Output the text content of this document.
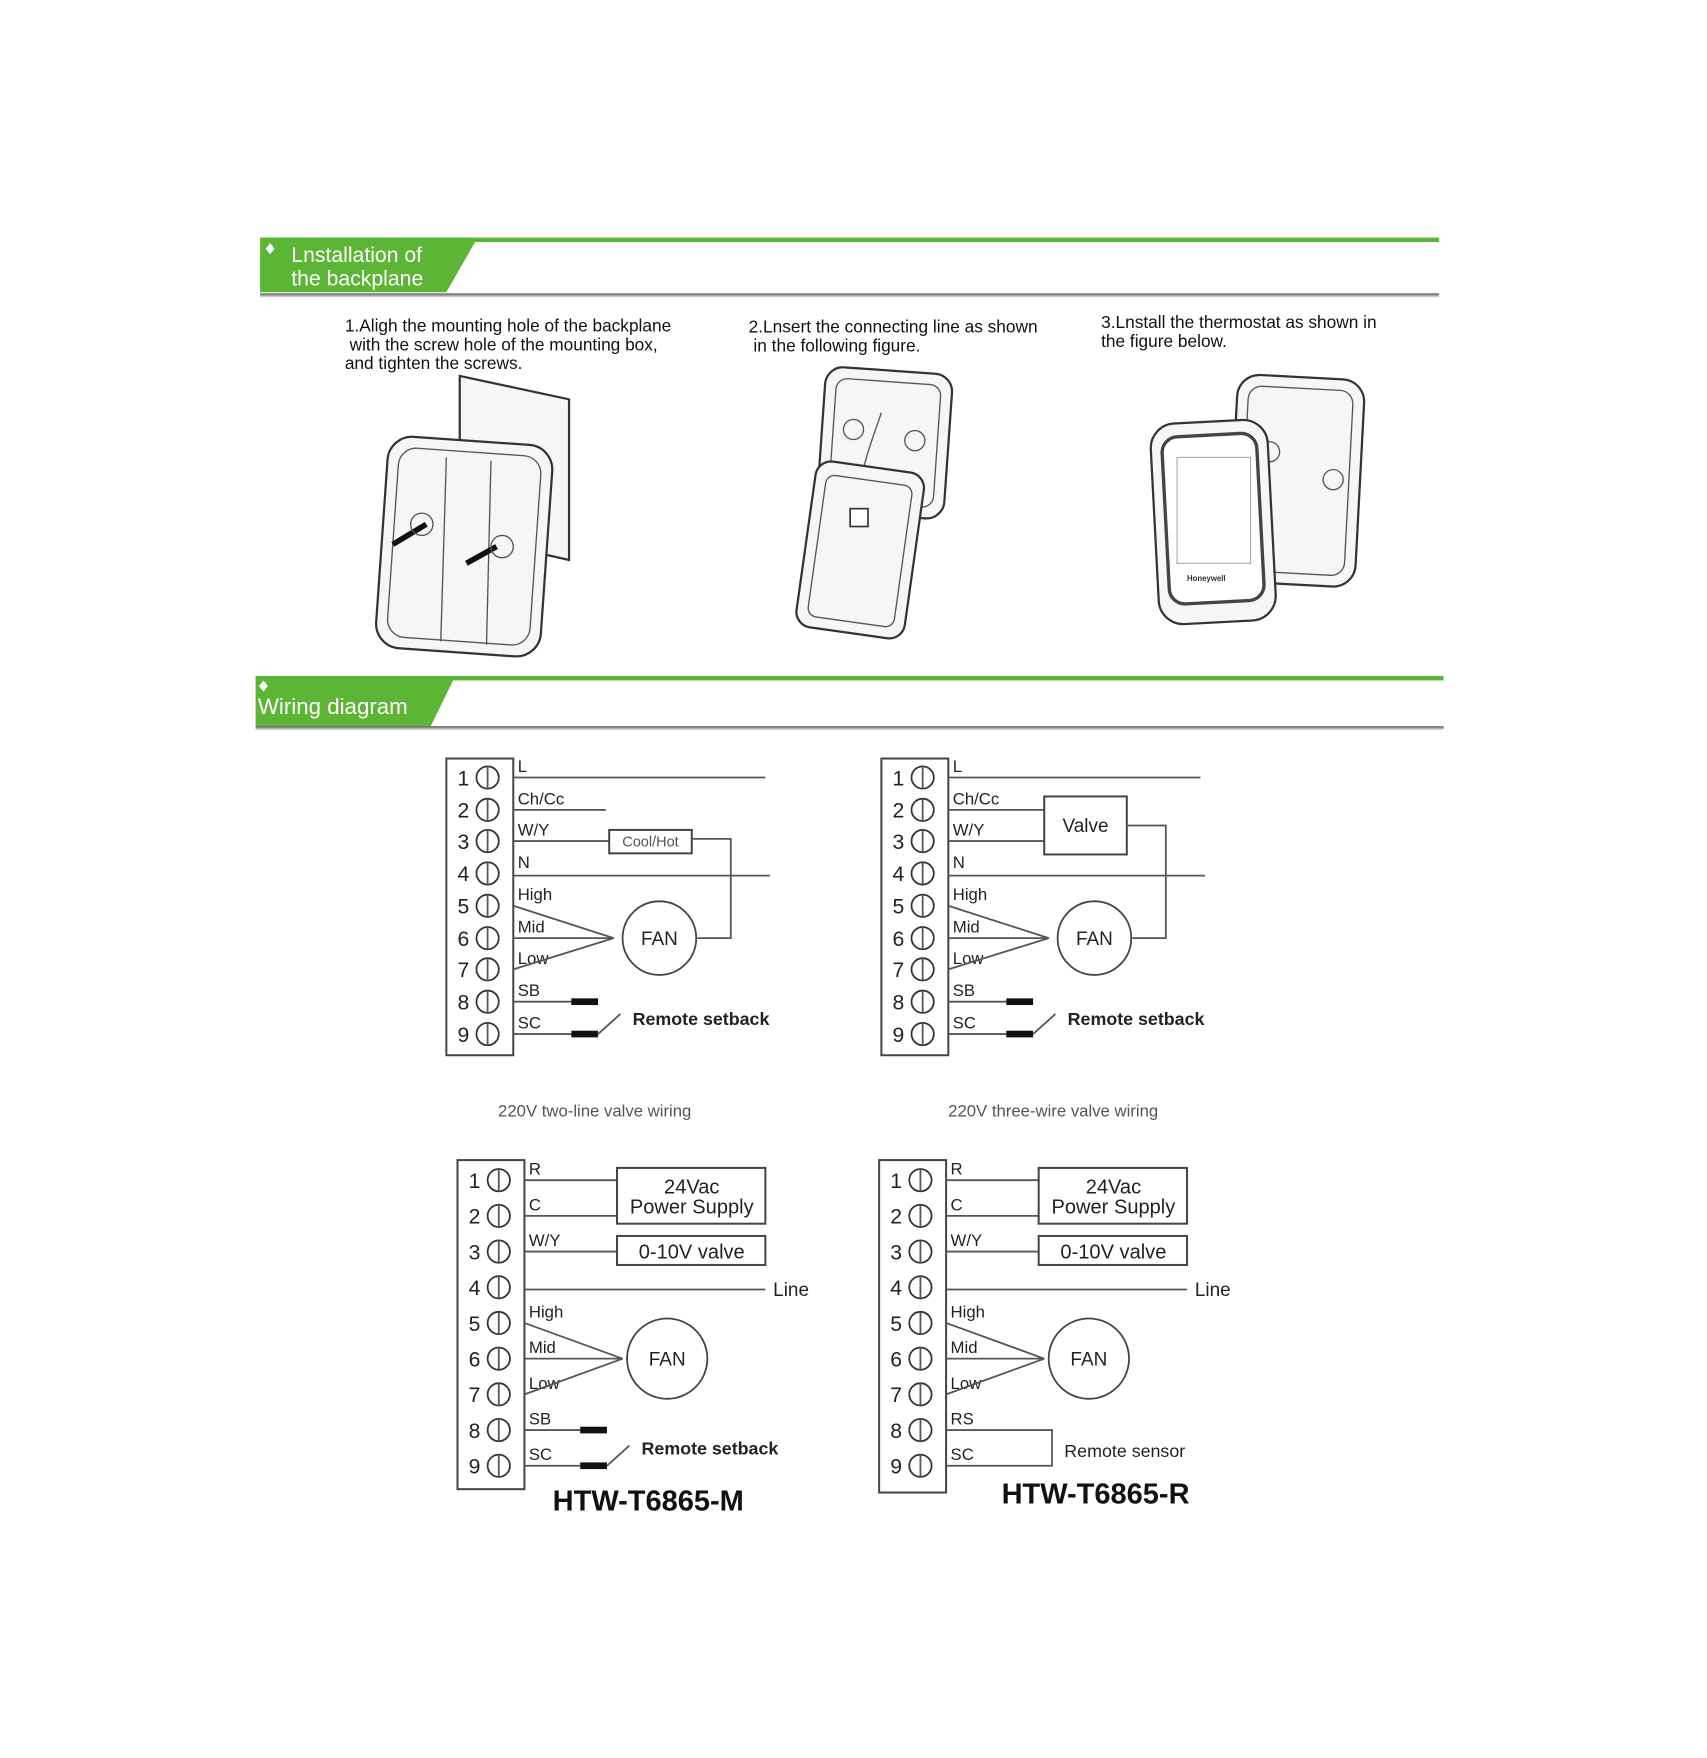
Lnstallation of
the backplane
1.Aligh the mounting hole of the backplane
with the screw hole of the mounting box,
and tighten the screws.
2.Lnsert the connecting line as shown
in the following figure.
3.Lnstall the thermostat as shown in
the figure below.
Honeywell
Wiring diagram
1
2
3
4
5
6
7
8
9
L
Ch/Cc
W/Y
N
High
Mid
Low
SB
SC
Cool/Hot
FAN
Remote setback
220V two-line valve wiring
1
2
3
4
5
6
7
8
9
L
Ch/Cc
W/Y
N
High
Mid
Low
SB
SC
Valve
FAN
Remote setback
220V three-wire valve wiring
1
2
3
4
5
6
7
8
9
R
C
W/Y
High
Mid
Low
SB
SC
24Vac
Power Supply
0-10V valve
Line
FAN
Remote setback
HTW-T6865-M
1
2
3
4
5
6
7
8
9
R
C
W/Y
High
Mid
Low
RS
SC
24Vac
Power Supply
0-10V valve
Line
FAN
Remote sensor
HTW-T6865-R
